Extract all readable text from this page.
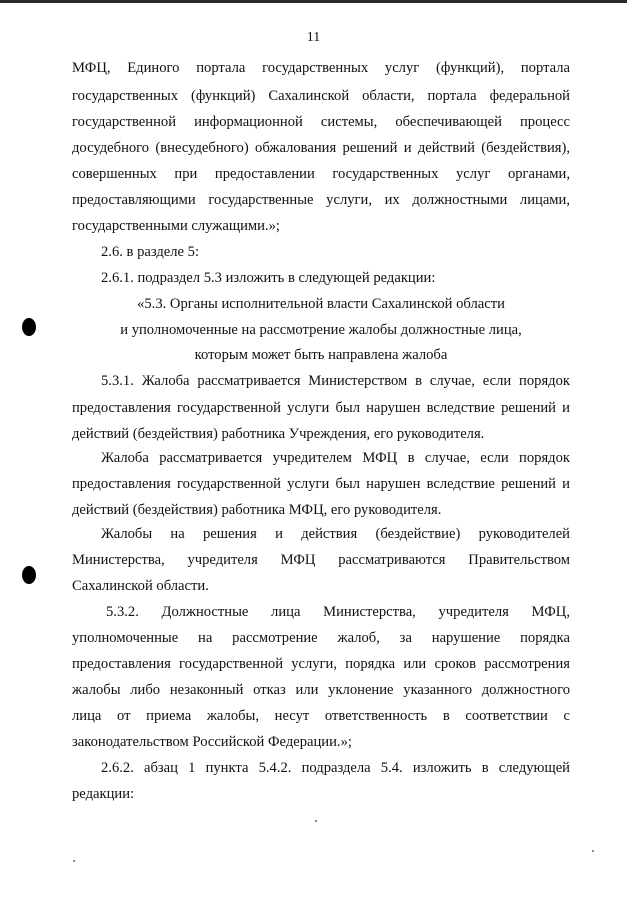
11
МФЦ, Единого портала государственных услуг (функций), портала
государственных (функций) Сахалинской области, портала федеральной
государственной информационной системы, обеспечивающей процесс
досудебного (внесудебного) обжалования решений и действий (бездействия),
совершенных при предоставлении государственных услуг органами,
предоставляющими государственные услуги, их должностными лицами,
государственными служащими.»;
2.6. в разделе 5:
2.6.1. подраздел 5.3 изложить в следующей редакции:
«5.3. Органы исполнительной власти Сахалинской области
и уполномоченные на рассмотрение жалобы должностные лица,
которым может быть направлена жалоба
5.3.1. Жалоба рассматривается Министерством в случае, если порядок
предоставления государственной услуги был нарушен вследствие решений и
действий (бездействия) работника Учреждения, его руководителя.
Жалоба рассматривается учредителем МФЦ в случае, если порядок
предоставления государственной услуги был нарушен вследствие решений и
действий (бездействия) работника МФЦ, его руководителя.
Жалобы на решения и действия (бездействие) руководителей
Министерства, учредителя МФЦ рассматриваются Правительством
Сахалинской области.
5.3.2. Должностные лица Министерства, учредителя МФЦ,
уполномоченные на рассмотрение жалоб, за нарушение порядка
предоставления государственной услуги, порядка или сроков рассмотрения
жалобы либо незаконный отказ или уклонение указанного должностного
лица от приема жалобы, несут ответственность в соответствии с
законодательством Российской Федерации.»;
2.6.2. абзац 1 пункта 5.4.2. подраздела 5.4. изложить в следующей
редакции:
